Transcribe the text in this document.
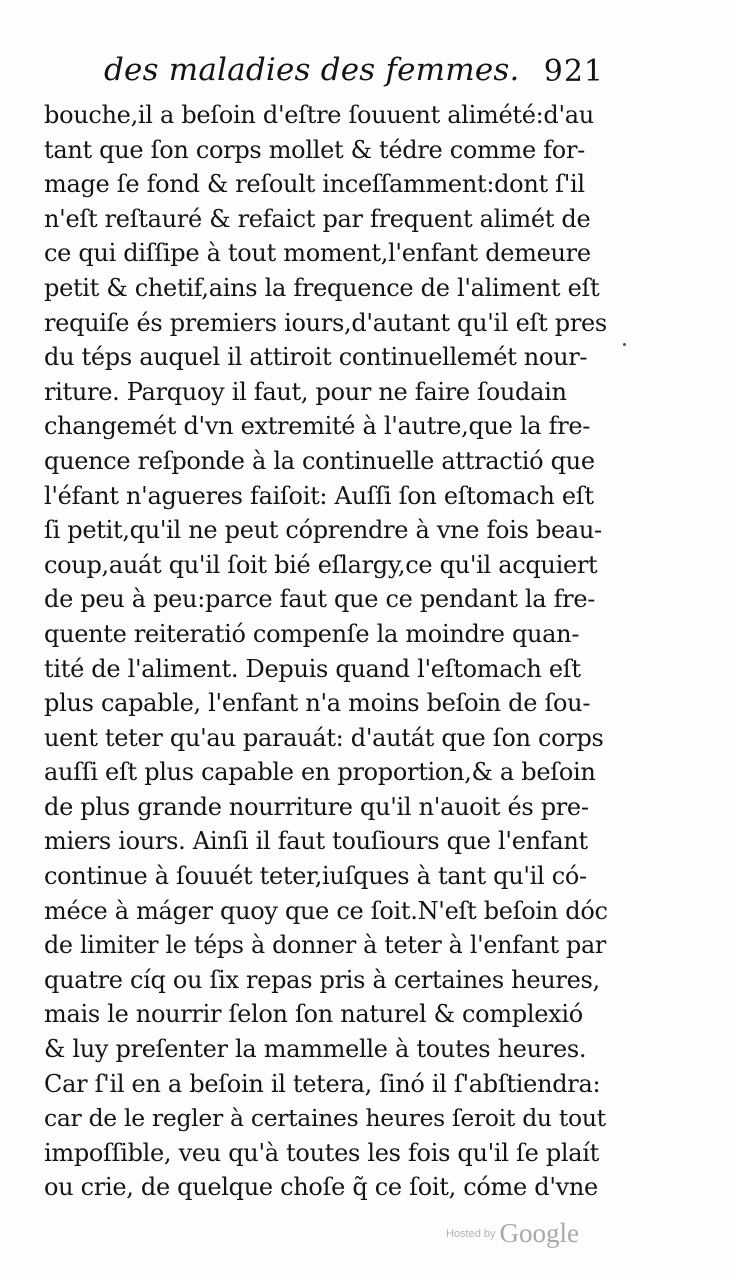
des maladies des femmes. 921
bouche,il a beſoin d'eſtre ſouuent alimété:d'au
tant que ſon corps mollet & tédre comme for-
mage ſe fond & reſoult inceſſamment:dont ſ'il
n'eſt reſtauré & refaict par frequent alimét de
ce qui diſſipe à tout moment,l'enfant demeure
petit & chetif,ains la frequence de l'aliment eſt
requiſe és premiers iours,d'autant qu'il eſt pres
du téps auquel il attiroit continuellemét nour-
riture. Parquoy il faut, pour ne faire ſoudain
changemét d'vn extremité à l'autre,que la fre-
quence reſponde à la continuelle attractió que
l'éfant n'agueres faiſoit: Auſſi ſon eſtomach eſt
ſi petit,qu'il ne peut cóprendre à vne fois beau-
coup,auát qu'il ſoit bié eſlargy,ce qu'il acquiert
de peu à peu:parce faut que ce pendant la fre-
quente reiteratió compenſe la moindre quan-
tité de l'aliment. Depuis quand l'eſtomach eſt
plus capable, l'enfant n'a moins beſoin de ſou-
uent teter qu'au parauát: d'autát que ſon corps
auſſi eſt plus capable en proportion,& a beſoin
de plus grande nourriture qu'il n'auoit és pre-
miers iours. Ainſi il faut touſiours que l'enfant
continue à ſouuét teter,iuſques à tant qu'il có-
méce à máger quoy que ce ſoit.N'eſt beſoin dóc
de limiter le téps à donner à teter à l'enfant par
quatre cíq ou ſix repas pris à certaines heures,
mais le nourrir ſelon ſon naturel & complexió
& luy preſenter la mammelle à toutes heures.
Car ſ'il en a beſoin il tetera, ſinó il ſ'abſtiendra:
car de le regler à certaines heures ſeroit du tout
impoſſible, veu qu'à toutes les fois qu'il ſe plaít
ou crie, de quelque choſe q̃ ce ſoit, cóme d'vne
Hosted by Google
